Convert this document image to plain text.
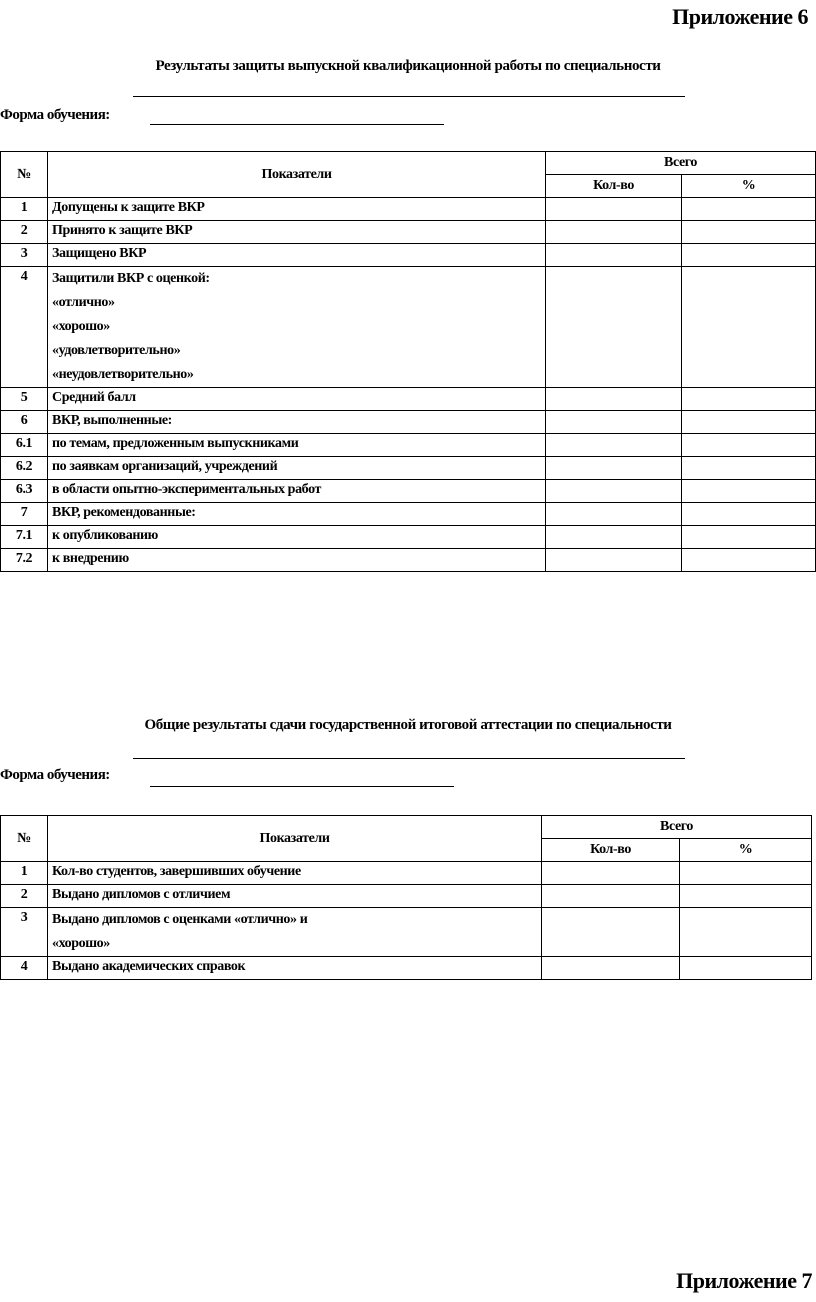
Приложение 6
Результаты защиты выпускной квалификационной работы по специальности
Форма обучения:
№	Показатели	Всего	
		Кол-во	%
1	Допущены к защите ВКР		

2	Принято к защите ВКР		

3	Защищено ВКР		

4	Защитили ВКР с оценкой:
«отлично»
«хорошо»
«удовлетворительно»
«неудовлетворительно»		

5	Средний балл		

6	ВКР, выполненные:		

6.1	по темам, предложенным выпускниками		

6.2	по заявкам организаций, учреждений		

6.3	в области опытно-экспериментальных работ		

7	ВКР, рекомендованные:		

7.1	к опубликованию		

7.2	к внедрению		

Общие результаты сдачи государственной итоговой аттестации по специальности
Форма обучения:
№	Показатели	Всего	
		Кол-во	%
1	Кол-во студентов, завершивших обучение		

2	Выдано дипломов с отличием		

3	Выдано дипломов с оценками «отлично» и
«хорошо»		

4	Выдано академических справок		

Приложение 7
